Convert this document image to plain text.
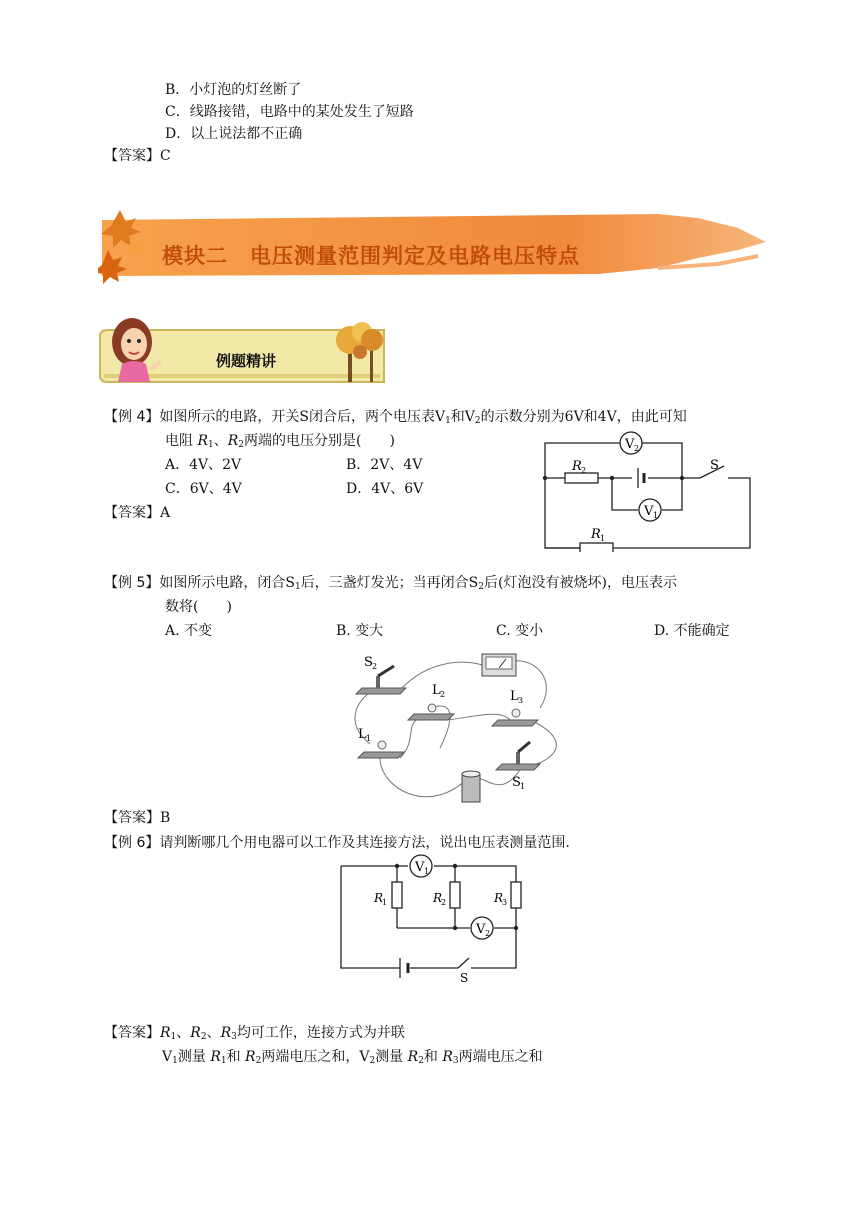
B．小灯泡的灯丝断了
C．线路接错，电路中的某处发生了短路
D．以上说法都不正确
【答案】C
模块二　电压测量范围判定及电路电压特点
例题精讲
【例 4】如图所示的电路，开关S闭合后，两个电压表$V_1$和$V_2$的示数分别为6V和4V，由此可知
电阻 $R_1$、$R_2$两端的电压分别是(　　)
A．4V、2V	B．2V、4V
C．6V、4V	D．4V、6V
【答案】A
V 2
V 1
R 2
R 1
S
【例 5】如图所示电路，闭合$S_1$后，三盏灯发光；当再闭合$S_2$后(灯泡没有被烧坏)，电压表示
数将(　　)
A. 不变	B. 变大	C. 变小	D. 不能确定
S 2
L 2	L 3
L 1
S 1
【答案】B
【例 6】请判断哪几个用电器可以工作及其连接方法，说出电压表测量范围.
V 1
V 2
R
1	R
2	R
3
S
【答案】$R_1$、$R_2$、$R_3$均可工作，连接方式为并联
$V_1$测量 $R_1$和 $R_2$两端电压之和，$V_2$测量 $R_2$和 $R_3$两端电压之和
